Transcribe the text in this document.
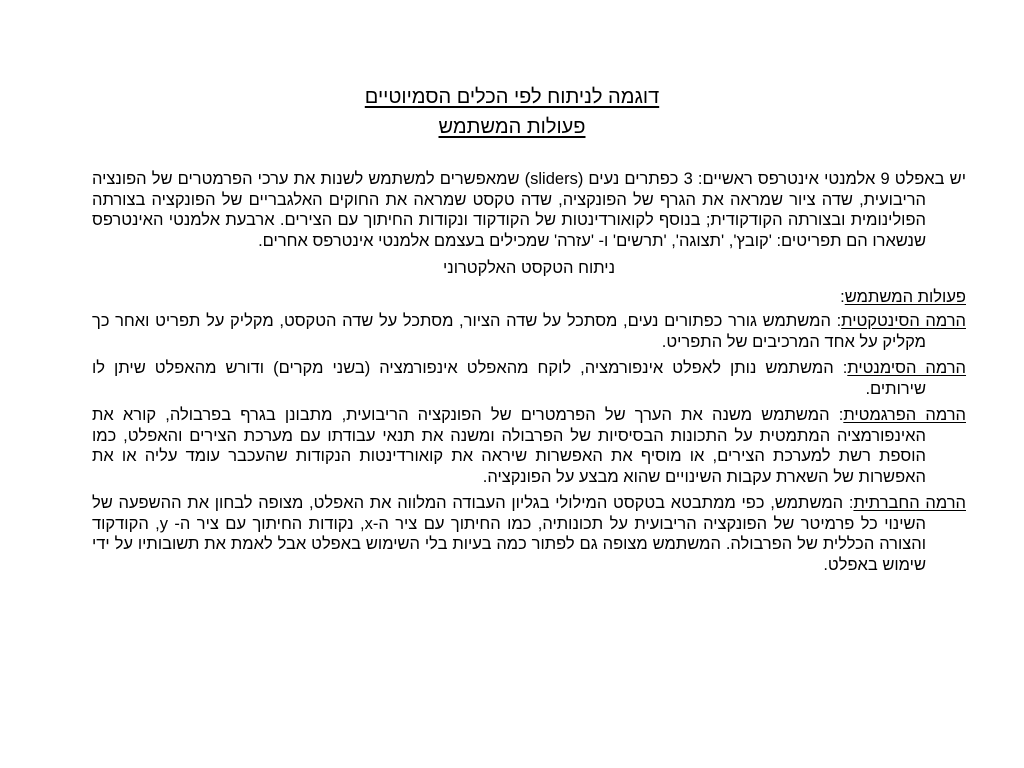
דוגמה לניתוח לפי הכלים הסמיוטיים
פעולות המשתמש

יש באפלט 9 אלמנטי אינטרפס ראשיים: 3 כפתרים נעים (sliders) שמאפשרים למשתמש לשנות את ערכי הפרמטרים של הפונציה הריבועית, שדה ציור שמראה את הגרף של הפונקציה, שדה טקסט שמראה את החוקים האלגבריים של הפונקציה בצורתה הפולינומית ובצורתה הקודקודית; בנוסף לקואורדינטות של הקודקוד ונקודות החיתוך עם הצירים. ארבעת אלמנטי האינטרפס שנשארו הם תפריטים: 'קובץ', 'תצוגה', 'תרשים' ו- 'עזרה' שמכילים בעצמם אלמנטי אינטרפס אחרים.

ניתוח הטקסט האלקטרוני

פעולות המשתמש:

הרמה הסינטקטית: המשתמש גורר כפתורים נעים, מסתכל על שדה הציור, מסתכל על שדה הטקסט, מקליק על תפריט ואחר כך מקליק על אחד המרכיבים של התפריט.

הרמה הסימנטית: המשתמש נותן לאפלט אינפורמציה, לוקח מהאפלט אינפורמציה (בשני מקרים) ודורש מהאפלט שיתן לו שירותים.

הרמה הפרגמטית: המשתמש משנה את הערך של הפרמטרים של הפונקציה הריבועית, מתבונן בגרף בפרבולה, קורא את האינפורמציה המתמטית על התכונות הבסיסיות של הפרבולה ומשנה את תנאי עבודתו עם מערכת הצירים והאפלט, כמו הוספת רשת למערכת הצירים, או מוסיף את האפשרות שיראה את קואורדינטות הנקודות שהעכבר עומד עליה או את האפשרות של השארת עקבות השינויים שהוא מבצע על הפונקציה.

הרמה החברתית: המשתמש, כפי ממתבטא בטקסט המילולי בגליון העבודה המלווה את האפלט, מצופה לבחון את ההשפעה של השינוי כל פרמיטר של הפונקציה הריבועית על תכונותיה, כמו החיתוך עם ציר ה-x, נקודות החיתוך עם ציר ה- y, הקודקוד והצורה הכללית של הפרבולה. המשתמש מצופה גם לפתור כמה בעיות בלי השימוש באפלט אבל לאמת את תשובותיו על ידי שימוש באפלט.
